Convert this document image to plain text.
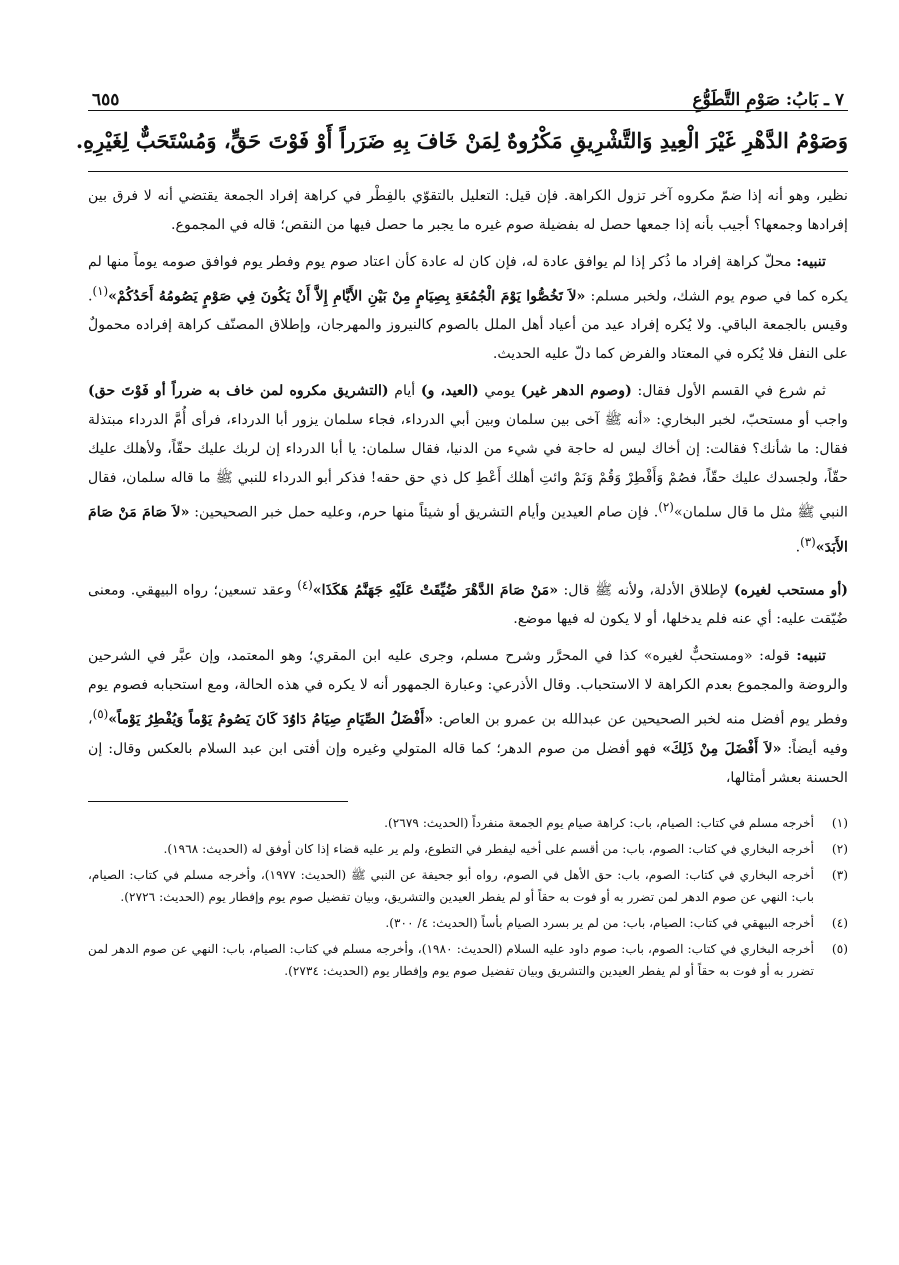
٧ ـ بَابُ: صَوْمِ التَّطَوُّعِ
٦٥٥
وَصَوْمُ الدَّهْرِ غَيْرَ الْعِيدِ وَالتَّشْرِيقِ مَكْرُوهٌ لِمَنْ خَافَ بِهِ ضَرَراً أَوْ فَوْتَ حَقٍّ، وَمُسْتَحَبٌّ لِغَيْرِهِ.

نظير، وهو أنه إذا ضمّ مكروه آخر تزول الكراهة. فإن قيل: التعليل بالتقوّي بالفِطْر في كراهة إفراد الجمعة يقتضي أنه لا فرق بين إفرادها وجمعها؟ أجيب بأنه إذا جمعها حصل له بفضيلة صوم غيره ما يجبر ما حصل فيها من النقص؛ قاله في المجموع.

تنبيه: محلّ كراهة إفراد ما ذُكر إذا لم يوافق عادة له، فإن كان له عادة كأن اعتاد صوم يوم وفطر يوم فوافق صومه يوماً منها لم يكره كما في صوم يوم الشك، ولخبر مسلم: «لاَ تَخُصُّوا يَوْمَ الْجُمُعَةِ بِصِيَامٍ مِنْ بَيْنِ الأَيَّامِ إِلاَّ أَنْ يَكُونَ فِي صَوْمٍ يَصُومُهُ أَحَدُكُمْ»$^{(١)}$. وقيس بالجمعة الباقي. ولا يُكره إفراد عيد من أعياد أهل الملل بالصوم كالنيروز والمهرجان، وإطلاق المصنّف كراهة إفراده محمولٌ على النفل فلا يُكره في المعتاد والفرض كما دلّ عليه الحديث.

ثم شرع في القسم الأول فقال: (وصوم الدهر غير) يومي (العيد، و) أيام (التشريق مكروه لمن خاف به ضرراً أو فَوْتَ حق) واجب أو مستحبّ، لخبر البخاري: «أنه ﷺ آخى بين سلمان وبين أبي الدرداء، فجاء سلمان يزور أبا الدرداء، فرأى أُمَّ الدرداء مبتذلة فقال: ما شأنك؟ فقالت: إن أخاك ليس له حاجة في شيء من الدنيا، فقال سلمان: يا أبا الدرداء إن لربك عليك حقّاً، ولأهلك عليك حقّاً، ولجسدك عليك حقّاً، فصُمْ وَأَفْطِرْ وَقُمْ وَنَمْ وائتِ أهلك أَعْطِ كل ذي حق حقه! فذكر أبو الدرداء للنبي ﷺ ما قاله سلمان، فقال النبي ﷺ مثل ما قال سلمان»$^{(٢)}$. فإن صام العيدين وأيام التشريق أو شيئاً منها حرم، وعليه حمل خبر الصحيحين: «لاَ صَامَ مَنْ صَامَ الأَبَدَ»$^{(٣)}$.

(أو مستحب لغيره) لإطلاق الأدلة، ولأنه ﷺ قال: «مَنْ صَامَ الدَّهْرَ ضُيِّقَتْ عَلَيْهِ جَهَنَّمُ هَكَذَا»$^{(٤)}$ وعقد تسعين؛ رواه البيهقي. ومعنى ضُيّقت عليه: أي عنه فلم يدخلها، أو لا يكون له فيها موضع.

تنبيه: قوله: «ومستحبٌّ لغيره» كذا في المحرَّر وشرح مسلم، وجرى عليه ابن المقري؛ وهو المعتمد، وإن عبَّر في الشرحين والروضة والمجموع بعدم الكراهة لا الاستحباب. وقال الأذرعي: وعبارة الجمهور أنه لا يكره في هذه الحالة، ومع استحبابه فصوم يوم وفطر يوم أفضل منه لخبر الصحيحين عن عبدالله بن عمرو بن العاص: «أَفْضَلُ الصِّيَامِ صِيَامُ دَاوُدَ كَانَ يَصُومُ يَوْماً وَيُفْطِرُ يَوْماً»$^{(٥)}$، وفيه أيضاً: «لاَ أَفْضَلَ مِنْ ذَلِكَ» فهو أفضل من صوم الدهر؛ كما قاله المتولي وغيره وإن أفتى ابن عبد السلام بالعكس وقال: إن الحسنة بعشر أمثالها،

(١)
أخرجه مسلم في كتاب: الصيام، باب: كراهة صيام يوم الجمعة منفرداً (الحديث: ٢٦٧٩).
(٢)
أخرجه البخاري في كتاب: الصوم، باب: من أقسم على أخيه ليفطر في التطوع، ولم ير عليه قضاء إذا كان أوفق له (الحديث: ١٩٦٨).
(٣)
أخرجه البخاري في كتاب: الصوم، باب: حق الأهل في الصوم، رواه أبو جحيفة عن النبي ﷺ (الحديث: ١٩٧٧)، وأخرجه مسلم في كتاب: الصيام، باب: النهي عن صوم الدهر لمن تضرر به أو فوت به حقاً أو لم يفطر العيدين والتشريق، وبيان تفضيل صوم يوم وإفطار يوم (الحديث: ٢٧٢٦).
(٤)
أخرجه البيهقي في كتاب: الصيام، باب: من لم ير بسرد الصيام بأساً (الحديث: ٤/ ٣٠٠).
(٥)
أخرجه البخاري في كتاب: الصوم، باب: صوم داود عليه السلام (الحديث: ١٩٨٠)، وأخرجه مسلم في كتاب: الصيام، باب: النهي عن صوم الدهر لمن تضرر به أو فوت به حقاً أو لم يفطر العيدين والتشريق وبيان تفضيل صوم يوم وإفطار يوم (الحديث: ٢٧٣٤).
